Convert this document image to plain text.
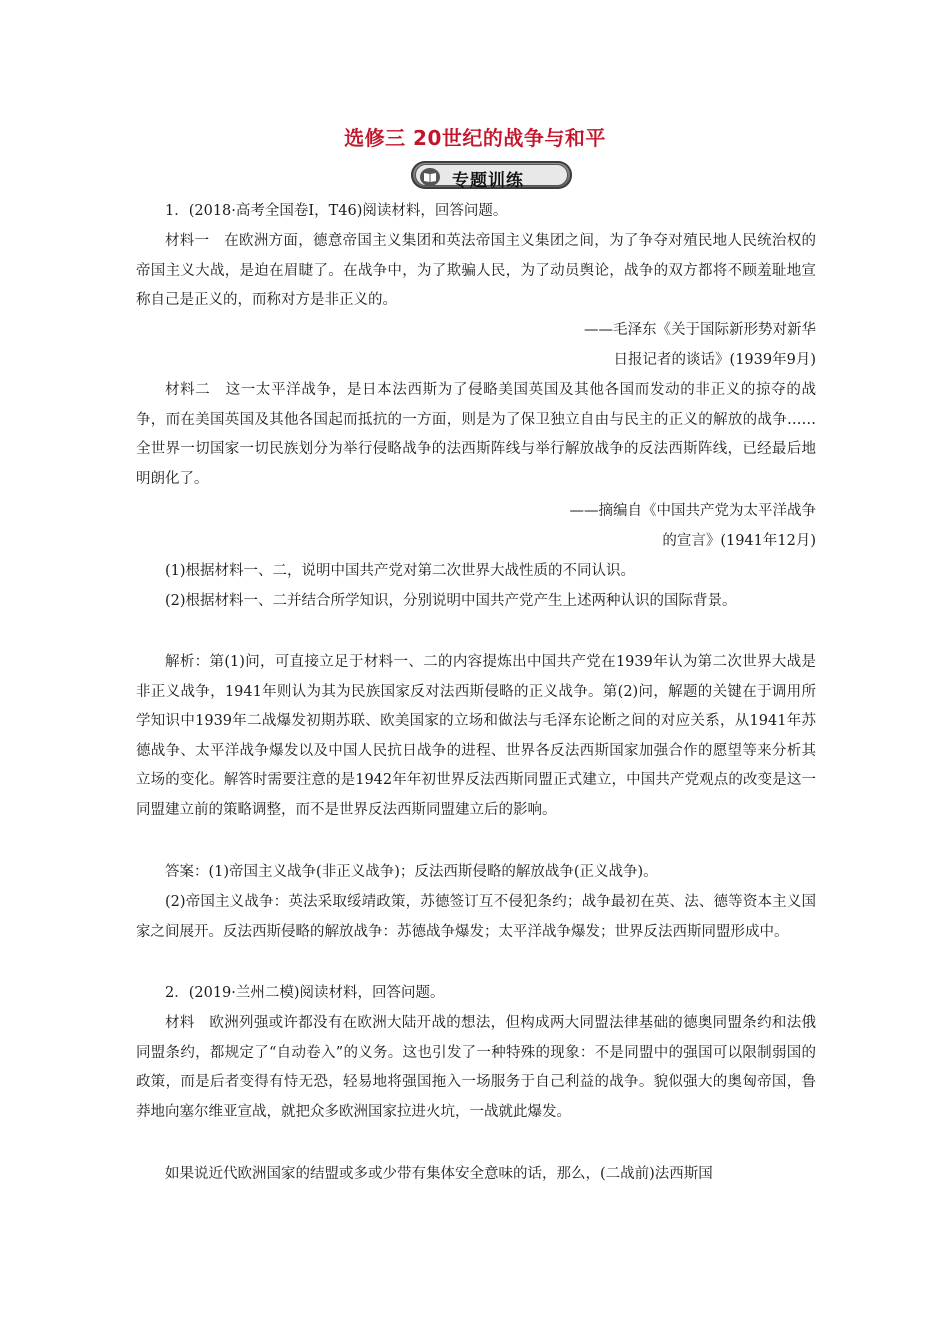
选修三 20世纪的战争与和平
专题训练
1．(2018·高考全国卷Ⅰ，T46)阅读材料，回答问题。
材料一　在欧洲方面，德意帝国主义集团和英法帝国主义集团之间，为了争夺对殖民地人民统治权的帝国主义大战，是迫在眉睫了。在战争中，为了欺骗人民，为了动员舆论，战争的双方都将不顾羞耻地宣称自己是正义的，而称对方是非正义的。
——毛泽东《关于国际新形势对新华
日报记者的谈话》(1939年9月)
材料二　这一太平洋战争，是日本法西斯为了侵略美国英国及其他各国而发动的非正义的掠夺的战争，而在美国英国及其他各国起而抵抗的一方面，则是为了保卫独立自由与民主的正义的解放的战争……全世界一切国家一切民族划分为举行侵略战争的法西斯阵线与举行解放战争的反法西斯阵线，已经最后地明朗化了。
——摘编自《中国共产党为太平洋战争
的宣言》(1941年12月)
(1)根据材料一、二，说明中国共产党对第二次世界大战性质的不同认识。
(2)根据材料一、二并结合所学知识，分别说明中国共产党产生上述两种认识的国际背景。
解析：第(1)问，可直接立足于材料一、二的内容提炼出中国共产党在1939年认为第二次世界大战是非正义战争，1941年则认为其为民族国家反对法西斯侵略的正义战争。第(2)问，解题的关键在于调用所学知识中1939年二战爆发初期苏联、欧美国家的立场和做法与毛泽东论断之间的对应关系，从1941年苏德战争、太平洋战争爆发以及中国人民抗日战争的进程、世界各反法西斯国家加强合作的愿望等来分析其立场的变化。解答时需要注意的是1942年年初世界反法西斯同盟正式建立，中国共产党观点的改变是这一同盟建立前的策略调整，而不是世界反法西斯同盟建立后的影响。
答案：(1)帝国主义战争(非正义战争)；反法西斯侵略的解放战争(正义战争)。
(2)帝国主义战争：英法采取绥靖政策，苏德签订互不侵犯条约；战争最初在英、法、德等资本主义国家之间展开。反法西斯侵略的解放战争：苏德战争爆发；太平洋战争爆发；世界反法西斯同盟形成中。
2．(2019·兰州二模)阅读材料，回答问题。
材料　欧洲列强或许都没有在欧洲大陆开战的想法，但构成两大同盟法律基础的德奥同盟条约和法俄同盟条约，都规定了“自动卷入”的义务。这也引发了一种特殊的现象：不是同盟中的强国可以限制弱国的政策，而是后者变得有恃无恐，轻易地将强国拖入一场服务于自己利益的战争。貌似强大的奥匈帝国，鲁莽地向塞尔维亚宣战，就把众多欧洲国家拉进火坑，一战就此爆发。
如果说近代欧洲国家的结盟或多或少带有集体安全意味的话，那么，(二战前)法西斯国
